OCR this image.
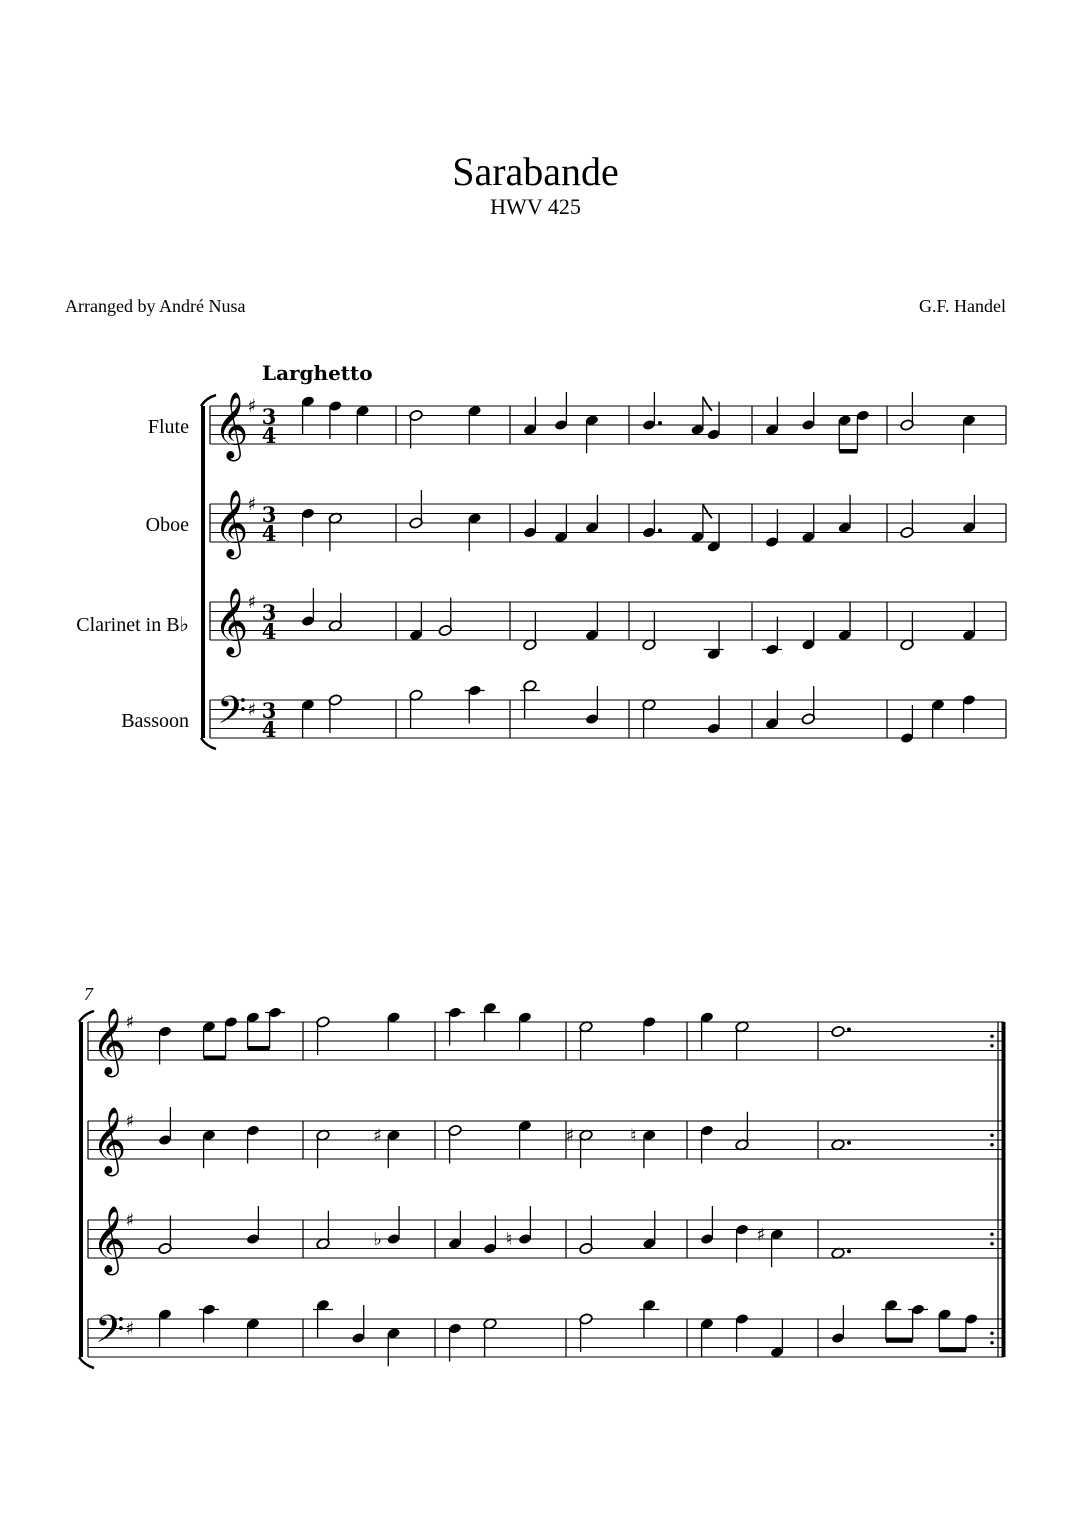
Sarabande
HWV 425
Arranged by André Nusa	G.F. Handel
Larghetto
Flute
Oboe
Clarinet in B♭
Bassoon
7
𝄞 ♯ 3
4
𝄞 ♯ 3
4
𝄞 ♯ 3
4
𝄢 ♯ 3
4
𝄞 ♯
𝄞 ♯
𝄞 ♯
𝄢 ♯
♯	♯	♮
♭	♮	♯
